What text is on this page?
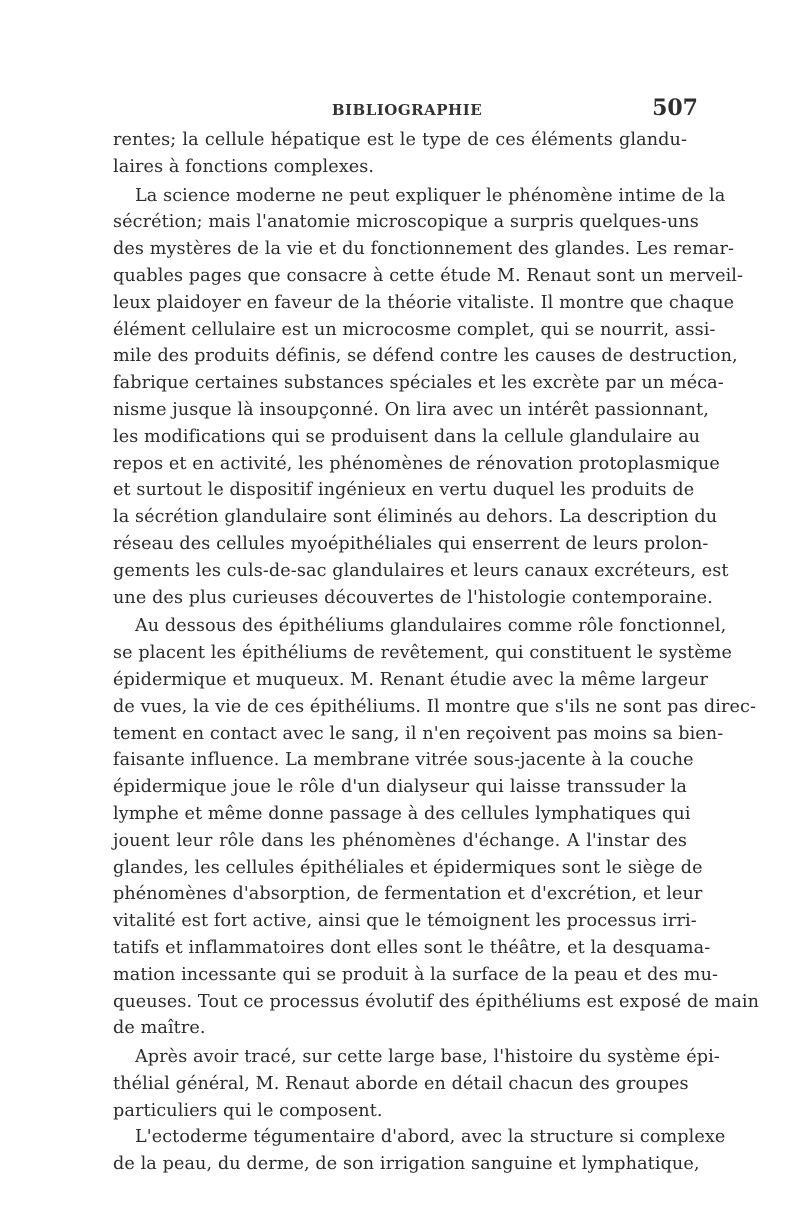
BIBLIOGRAPHIE	507
rentes; la cellule hépatique est le type de ces éléments glandu-
laires à fonctions complexes.
La science moderne ne peut expliquer le phénomène intime de la
sécrétion; mais l'anatomie microscopique a surpris quelques-uns
des mystères de la vie et du fonctionnement des glandes. Les remar-
quables pages que consacre à cette étude M. Renaut sont un merveil-
leux plaidoyer en faveur de la théorie vitaliste. Il montre que chaque
élément cellulaire est un microcosme complet, qui se nourrit, assi-
mile des produits définis, se défend contre les causes de destruction,
fabrique certaines substances spéciales et les excrète par un méca-
nisme jusque là insoupçonné. On lira avec un intérêt passionnant,
les modifications qui se produisent dans la cellule glandulaire au
repos et en activité, les phénomènes de rénovation protoplasmique
et surtout le dispositif ingénieux en vertu duquel les produits de
la sécrétion glandulaire sont éliminés au dehors. La description du
réseau des cellules myoépithéliales qui enserrent de leurs prolon-
gements les culs-de-sac glandulaires et leurs canaux excréteurs, est
une des plus curieuses découvertes de l'histologie contemporaine.
Au dessous des épithéliums glandulaires comme rôle fonctionnel,
se placent les épithéliums de revêtement, qui constituent le système
épidermique et muqueux. M. Renant étudie avec la même largeur
de vues, la vie de ces épithéliums. Il montre que s'ils ne sont pas direc-
tement en contact avec le sang, il n'en reçoivent pas moins sa bien-
faisante influence. La membrane vitrée sous-jacente à la couche
épidermique joue le rôle d'un dialyseur qui laisse transsuder la
lymphe et même donne passage à des cellules lymphatiques qui
jouent leur rôle dans les phénomènes d'échange. A l'instar des
glandes, les cellules épithéliales et épidermiques sont le siège de
phénomènes d'absorption, de fermentation et d'excrétion, et leur
vitalité est fort active, ainsi que le témoignent les processus irri-
tatifs et inflammatoires dont elles sont le théâtre, et la desquama-
mation incessante qui se produit à la surface de la peau et des mu-
queuses. Tout ce processus évolutif des épithéliums est exposé de main
de maître.
Après avoir tracé, sur cette large base, l'histoire du système épi-
thélial général, M. Renaut aborde en détail chacun des groupes
particuliers qui le composent.
L'ectoderme tégumentaire d'abord, avec la structure si complexe
de la peau, du derme, de son irrigation sanguine et lymphatique,
